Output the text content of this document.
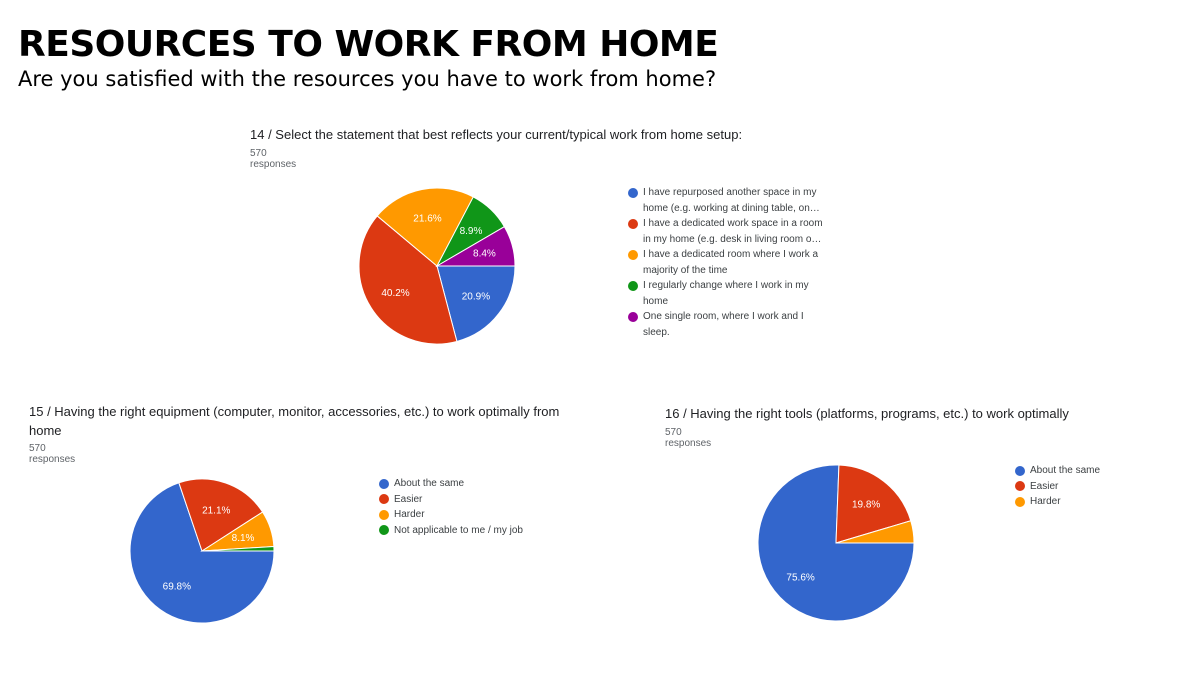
RESOURCES TO WORK FROM HOME
Are you satisfied with the resources you have to work from home?
14 / Select the statement that best reflects your current/typical work from home setup:
570 responses
20.9%
40.2%
21.6%
8.9%
8.4%
I have repurposed another space in my home (e.g. working at dining table, on…
I have a dedicated work space in a room in my home (e.g. desk in living room o…
I have a dedicated room where I work a majority of the time
I regularly change where I work in my home
One single room, where I work and I sleep.
15 / Having the right equipment (computer, monitor, accessories, etc.) to work optimally from home
570 responses
69.8%
21.1%
8.1%
About the same
Easier
Harder
Not applicable to me / my job
16 / Having the right tools (platforms, programs, etc.) to work optimally
570 responses
75.6%
19.8%
About the same
Easier
Harder
